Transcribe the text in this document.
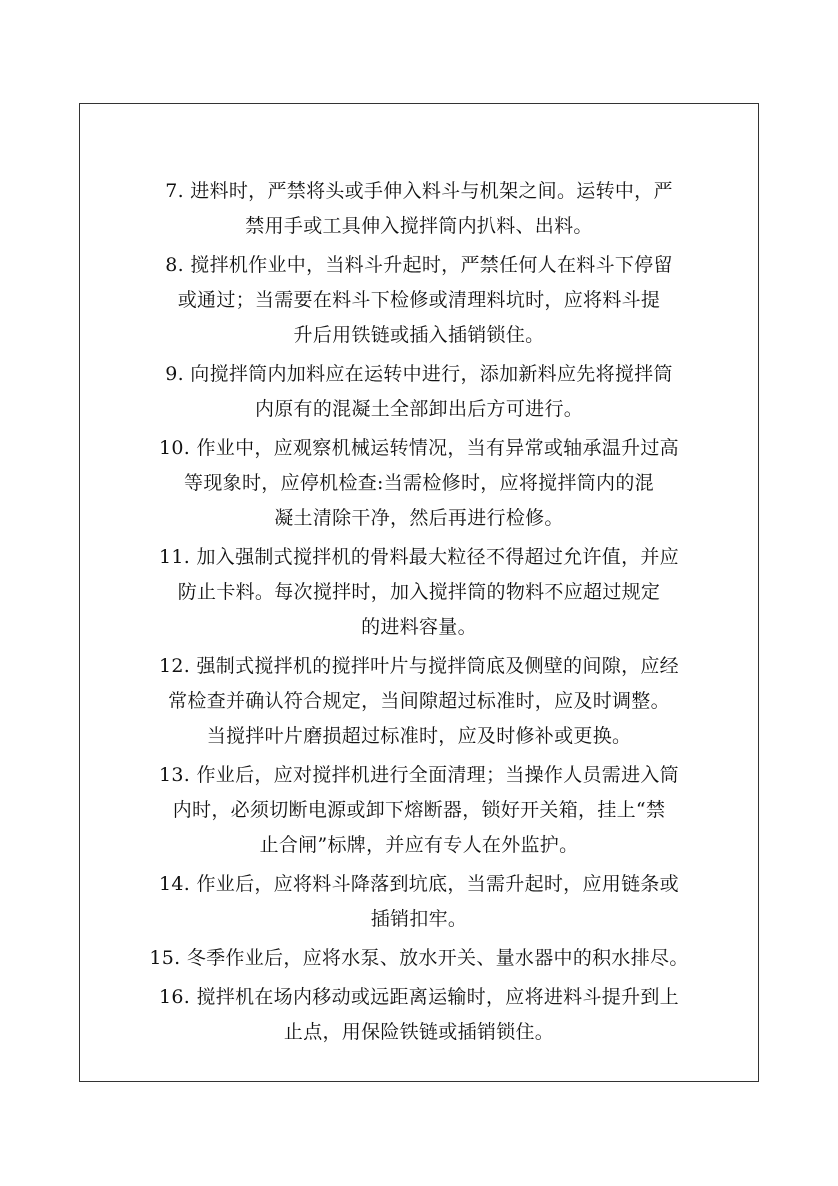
7. 进料时，严禁将头或手伸入料斗与机架之间。运转中，严
禁用手或工具伸入搅拌筒内扒料、出料。
8. 搅拌机作业中，当料斗升起时，严禁任何人在料斗下停留
或通过；当需要在料斗下检修或清理料坑时，应将料斗提
升后用铁链或插入插销锁住。
9. 向搅拌筒内加料应在运转中进行，添加新料应先将搅拌筒
内原有的混凝土全部卸出后方可进行。
10. 作业中，应观察机械运转情况，当有异常或轴承温升过高
等现象时，应停机检查:当需检修时，应将搅拌筒内的混
凝土清除干净，然后再进行检修。
11. 加入强制式搅拌机的骨料最大粒径不得超过允许值，并应
防止卡料。每次搅拌时，加入搅拌筒的物料不应超过规定
的进料容量。
12. 强制式搅拌机的搅拌叶片与搅拌筒底及侧壁的间隙，应经
常检查并确认符合规定，当间隙超过标准时，应及时调整。
当搅拌叶片磨损超过标准时，应及时修补或更换。
13. 作业后，应对搅拌机进行全面清理；当操作人员需进入筒
内时，必须切断电源或卸下熔断器，锁好开关箱，挂上“禁
止合闸”标牌，并应有专人在外监护。
14. 作业后，应将料斗降落到坑底，当需升起时，应用链条或
插销扣牢。
15. 冬季作业后，应将水泵、放水开关、量水器中的积水排尽。
16. 搅拌机在场内移动或远距离运输时，应将进料斗提升到上
止点，用保险铁链或插销锁住。
